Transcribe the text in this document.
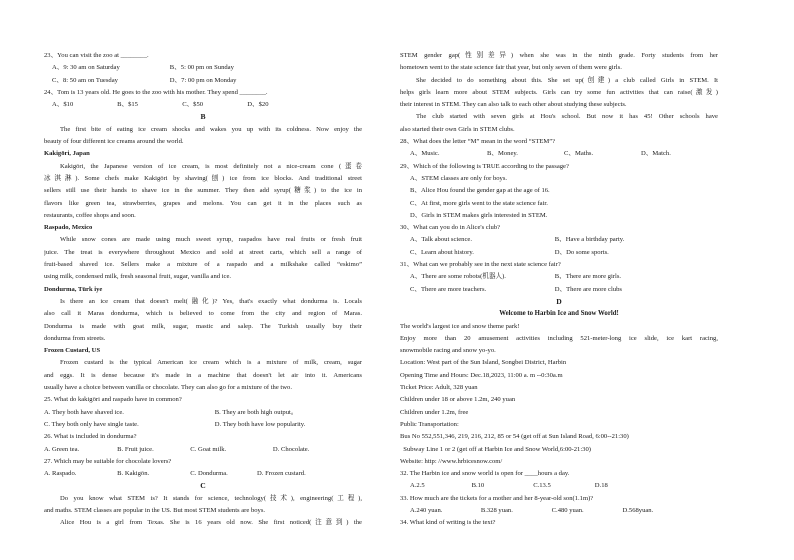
23、You can visit the zoo at ________.
A、9: 30 am on Saturday	B、5: 00 pm on Sunday
C、8: 50 am on Tuesday	D、7: 00 pm on Monday
24、Tom is 13 years old. He goes to the zoo with his mother. They spend ________.
A、$10	B、$15	C、$50	D、$20
B
The first bite of eating ice cream shocks and wakes you up with its coldness. Now enjoy the
beauty of four different ice creams around the world.
Kakigōri, Japan
Kakigōri, the Japanese version of ice cream, is most definitely not a nice-cream cone (蛋卷
冰淇淋). Some chefs make Kakigōri by shaving(刨) ice from ice blocks. And traditional street
sellers still use their hands to shave ice in the summer. They then add syrup(糖浆) to the ice in
flavors like green tea, strawberries, grapes and melons. You can get it in the places such as
restaurants, coffee shops and soon.
Raspado, Mexico
While snow cones are made using much sweet syrup, raspados have real fruits or fresh fruit
juice. The treat is everywhere throughout Mexico and sold at street carts, which sell a range of
fruit-based shaved ice. Sellers make a mixture of a raspado and a milkshake called “eskimo”
using milk, condensed milk, fresh seasonal fruit, sugar, vanilla and ice.
Dondurma, Türk iye
Is there an ice cream that doesn't melt(融化)? Yes, that's exactly what dondurma is. Locals
also call it Maras dondurma, which is believed to come from the city and region of Maras.
Dondurma is made with goat milk, sugar, mastic and salep. The Turkish usually buy their
dondurma from streets.
Frozen Custard, US
Frozen custard is the typical American ice cream which is a mixture of milk, cream, sugar
and eggs. It is dense because it's made in a machine that doesn't let air into it. Americans
usually have a choice between vanilla or chocolate. They can also go for a mixture of the two.
25. What do kakigōri and raspado have in common?
A. They both have shaved ice.	B. They are both high output。
C. They both only have single taste.	D. They both have low popularity.
26. What is included in dondurma?
A. Green tea.	B. Fruit juice.	C. Goat milk.	D. Chocolate.
27. Which may be suitable for chocolate lovers?
A. Raspado.	B. Kakigōn.	C. Dondurma.	D. Frozen custard.
C
Do you know what STEM is? It stands for science, technology(技术), engineering(工程),
and maths. STEM classes are popular in the US. But most STEM students are boys.
Alice Hou is a girl from Texas. She is 16 years old now. She first noticed(注意到) the
STEM gender gap(性别差异) when she was in the ninth grade. Forty students from her
hometown went to the state science fair that year, but only seven of them were girls.
She decided to do something about this. She set up(创建) a club called Girls in STEM. It
helps girls learn more about STEM subjects. Girls can try some fun activities that can raise(激发)
their interest in STEM. They can also talk to each other about studying these subjects.
The club started with seven girls at Hou's school. But now it has 45! Other schools have
also started their own Girls in STEM clubs.
28、What does the letter “M” mean in the word “STEM”?
A、Music.	B、Money.	C、Maths.	D、Match.
29、Which of the following is TRUE according to the passage?
A、STEM classes are only for boys.
B、Alice Hou found the gender gap at the age of 16.
C、At first, more girls went to the state science fair.
D、Girls in STEM makes girls interested in STEM.
30、What can you do in Alice's club?
A、Talk about science.	B、Have a birthday party.
C、Learn about history.	D、Do some sports.
31、What can we probably see in the next state science fair?
A、There are some robots(机器人).	B、There are more girls.
C、There are more teachers.	D、There are more clubs
D
Welcome to Harbin Ice and Snow World!
The world's largest ice and snow theme park!
Enjoy more than 20 amusement activities including 521-meter-long ice slide, ice kart racing,
snowmobile racing and snow yo-yo.
Location: West part of the Sun Island, Songbei District, Harbin
Opening Time and Hours: Dec.18,2023, 11:00 a. m --0:30a.m
Ticket Price: Adult, 328 yuan
Children under 18 or above 1.2m, 240 yuan
Children under 1.2m, free
Public Transportation:
Bus No 552,551,346, 219, 216, 212, 85 or 54 (get off at Sun Island Road, 6:00--21:30)
Subway Line 1 or 2 (get off at Harbin Ice and Snow World,6:00-21:30)
Website: http: //www.hrbicesnow.com/
32. The Harbin ice and snow world is open for ____hours a day.
A.2.5	B.10	C.13.5	D.18
33. How much are the tickets for a mother and her 8-year-old son(1.1m)?
A.240 yuan.	B.328 yuan.	C.480 yuan.	D.568yuan.
34. What kind of writing is the text?
